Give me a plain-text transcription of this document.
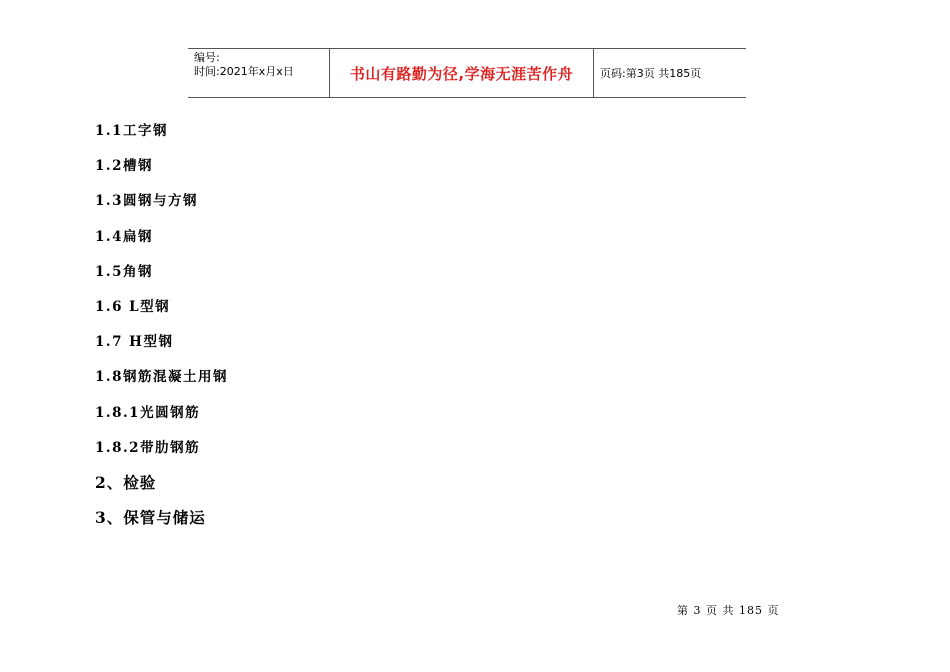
编号:
时间:2021年x月x日	书山有路勤为径,学海无涯苦作舟 页码:第3页 共185页
1.1工字钢
1.2槽钢
1.3圆钢与方钢
1.4扁钢
1.5角钢
1.6 L型钢
1.7 H型钢
1.8钢筋混凝土用钢
1.8.1光圆钢筋
1.8.2带肋钢筋
2、检验
3、保管与储运
第 3 页 共 185 页
